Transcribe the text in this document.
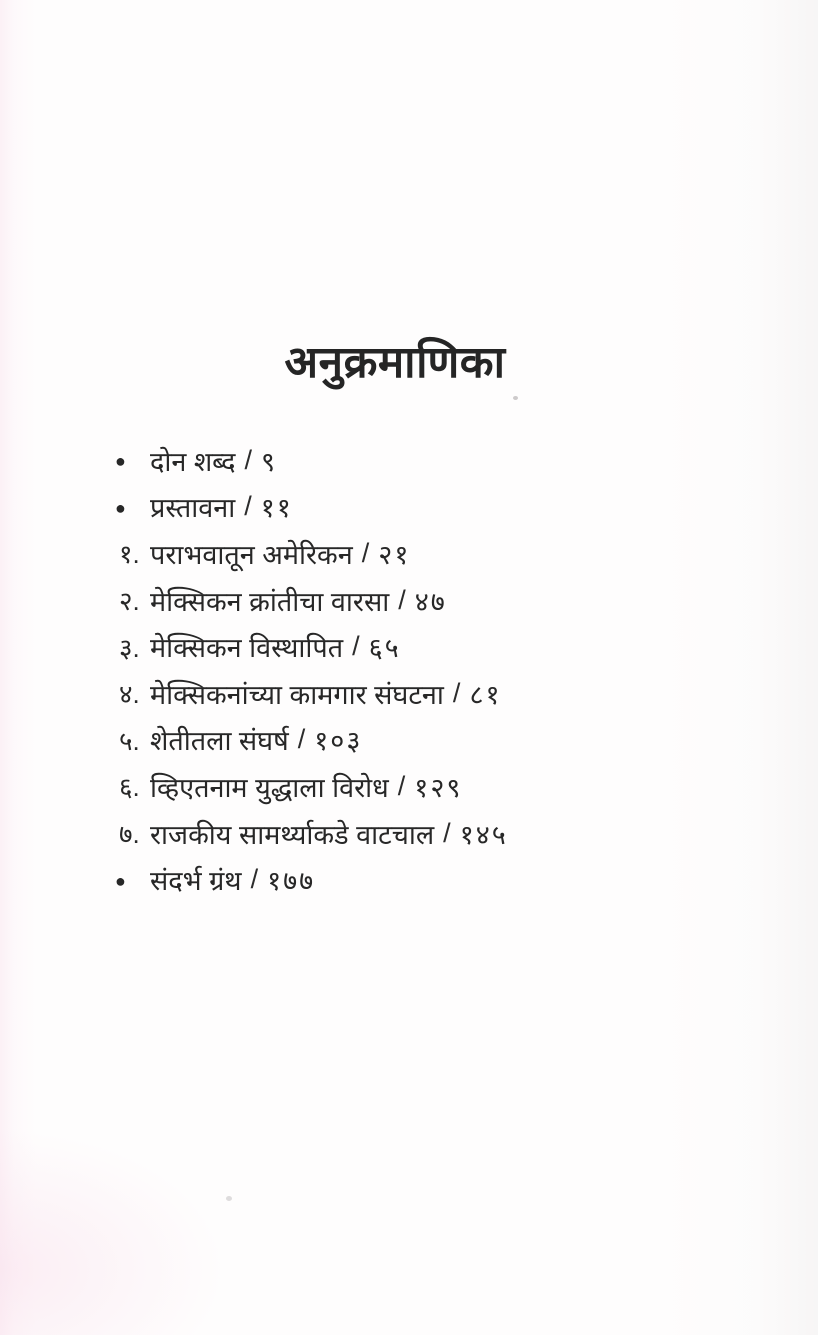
अनुक्रमाणिका
● दोन शब्द / ९
● प्रस्तावना / ११
१. पराभवातून अमेरिकन / २१
२. मेक्सिकन क्रांतीचा वारसा / ४७
३. मेक्सिकन विस्थापित / ६५
४. मेक्सिकनांच्या कामगार संघटना / ८१
५. शेतीतला संघर्ष / १०३
६. व्हिएतनाम युद्धाला विरोध / १२९
७. राजकीय सामर्थ्याकडे वाटचाल / १४५
● संदर्भ ग्रंथ / १७७
